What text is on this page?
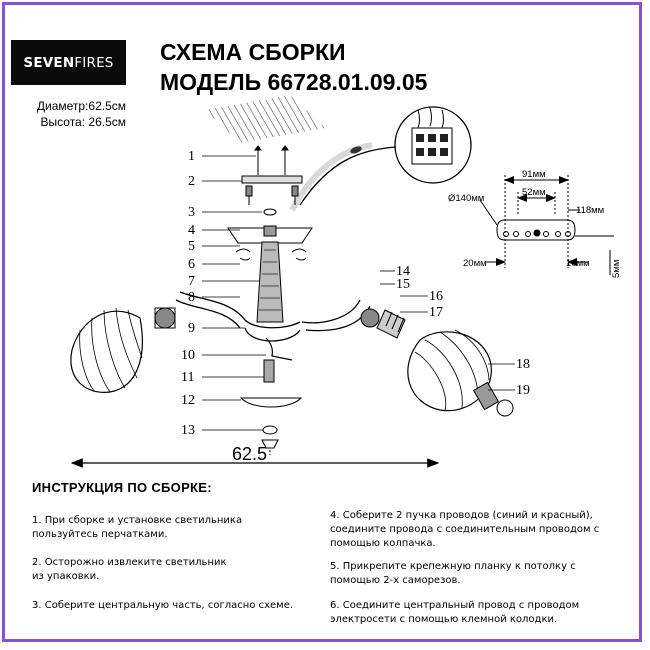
SEVEN FIRES СХЕМА СБОРКИ
МОДЕЛЬ 66728.01.09.05
Диаметр:62.5см
Высота: 26.5см
1
2
3
4
5
6
7
8
9
10
11
12
13
14
15
16
17
18
19
62.5
Ø140мм
91мм
52мм
118мм
20мм	10мм 5мм
ИНСТРУКЦИЯ ПО СБОРКЕ:
1. При сборке и установке светильника пользуйтесь перчатками.
2. Осторожно извлеките светильник из упаковки.
3. Соберите центральную часть, согласно схеме.
4. Соберите 2 пучка проводов (синий и красный), соедините провода с соединительным проводом с помощью колпачка.
5. Прикрепите крепежную планку к потолку с помощью 2-х саморезов.
6. Соедините центральный провод с проводом электросети с помощью клемной колодки.
